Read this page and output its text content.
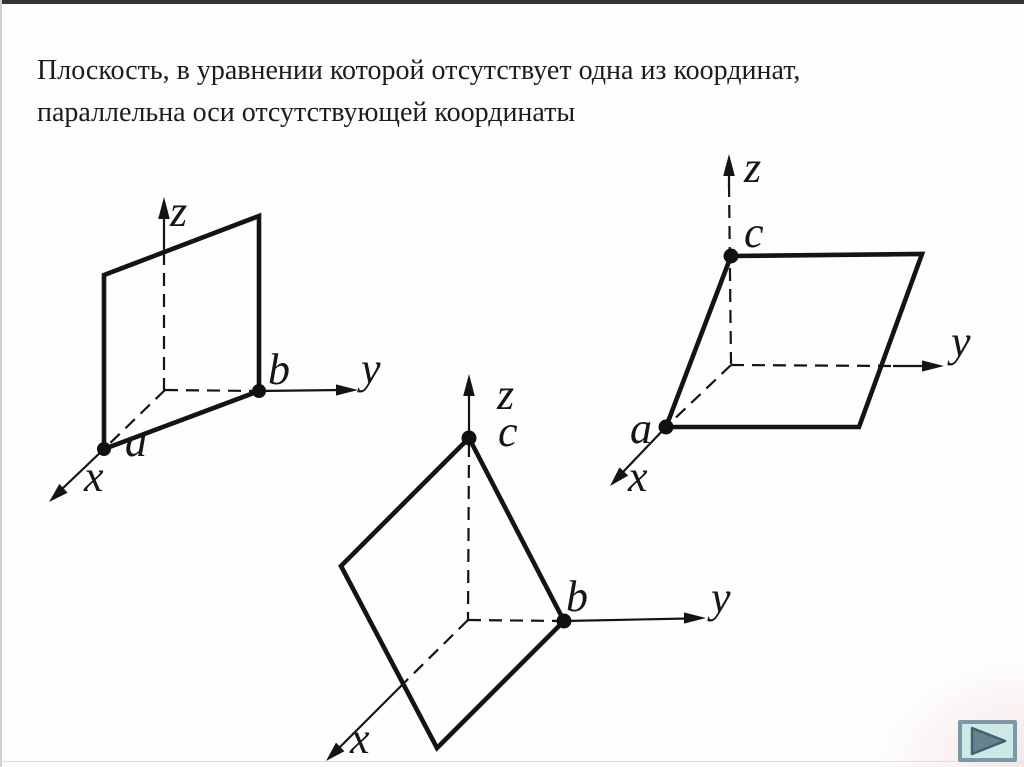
Плоскость, в уравнении которой отсутствует одна из координат,
параллельна оси отсутствующей координаты
z
y
x
a
b
z
c
b	y
x
z
c
y
a
x
